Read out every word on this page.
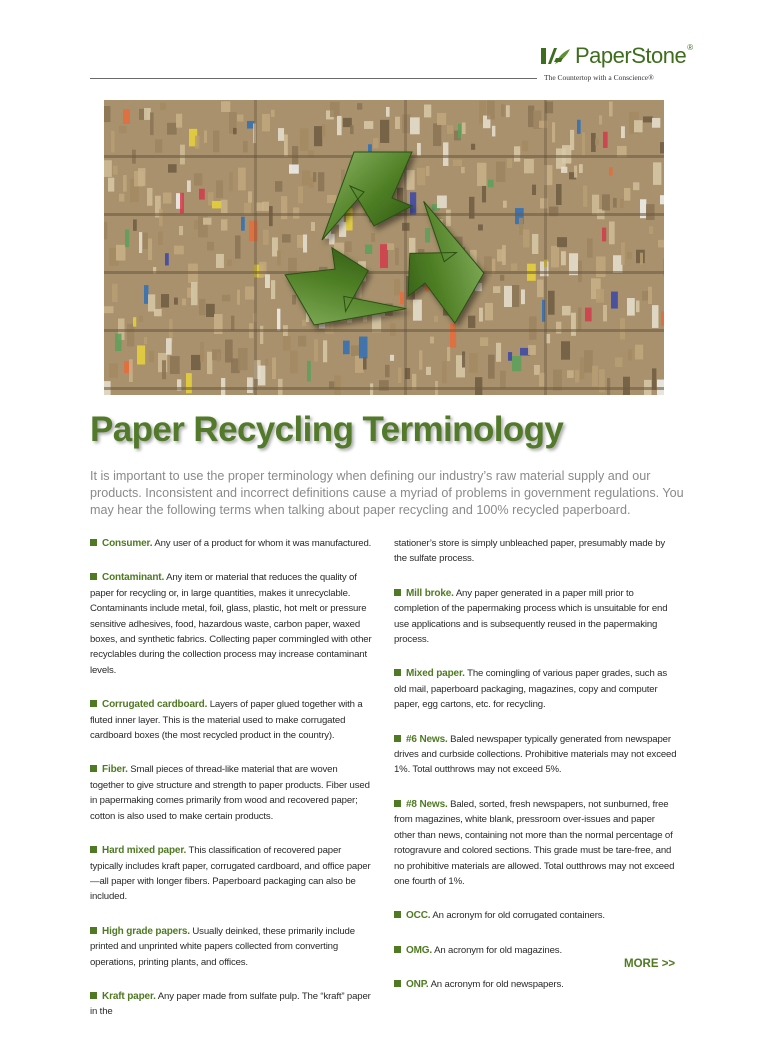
PaperStone®
The Countertop with a Conscience®
Paper Recycling Terminology

It is important to use the proper terminology when defining our industry’s raw material supply and our products. Inconsistent and incorrect definitions cause a myriad of problems in government regulations. You may hear the following terms when talking about paper recycling and 100% recycled paperboard.

Consumer. Any user of a product for whom it was manufactured.

Contaminant. Any item or material that reduces the quality of paper for recycling or, in large quantities, makes it unrecyclable. Contaminants include metal, foil, glass, plastic, hot melt or pressure sensitive adhesives, food, hazardous waste, carbon paper, waxed boxes, and synthetic fabrics. Collecting paper commingled with other recyclables during the collection process may increase contaminant levels.

Corrugated cardboard. Layers of paper glued together with a fluted inner layer. This is the material used to make corrugated cardboard boxes (the most recycled product in the country).

Fiber. Small pieces of thread-like material that are woven together to give structure and strength to paper products. Fiber used in papermaking comes primarily from wood and recovered paper; cotton is also used to make certain products.

Hard mixed paper. This classification of recovered paper typically includes kraft paper, corrugated cardboard, and office paper—all paper with longer fibers. Paperboard packaging can also be included.

High grade papers. Usually deinked, these primarily include printed and unprinted white papers collected from converting operations, printing plants, and offices.

Kraft paper. Any paper made from sulfate pulp. The “kraft” paper in the

stationer’s store is simply unbleached paper, presumably made by the sulfate process.

Mill broke. Any paper generated in a paper mill prior to completion of the papermaking process which is unsuitable for end use applications and is subsequently reused in the papermaking process.

Mixed paper. The comingling of various paper grades, such as old mail, paperboard packaging, magazines, copy and computer paper, egg cartons, etc. for recycling.

#6 News. Baled newspaper typically generated from newspaper drives and curbside collections. Prohibitive materials may not exceed 1%. Total outthrows may not exceed 5%.

#8 News. Baled, sorted, fresh newspapers, not sunburned, free from magazines, white blank, pressroom over-issues and paper other than news, containing not more than the normal percentage of rotogravure and colored sections. This grade must be tare-free, and no prohibitive materials are allowed. Total outthrows may not exceed one fourth of 1%.

OCC. An acronym for old corrugated containers.

OMG. An acronym for old magazines.

ONP. An acronym for old newspapers.

MORE >>
